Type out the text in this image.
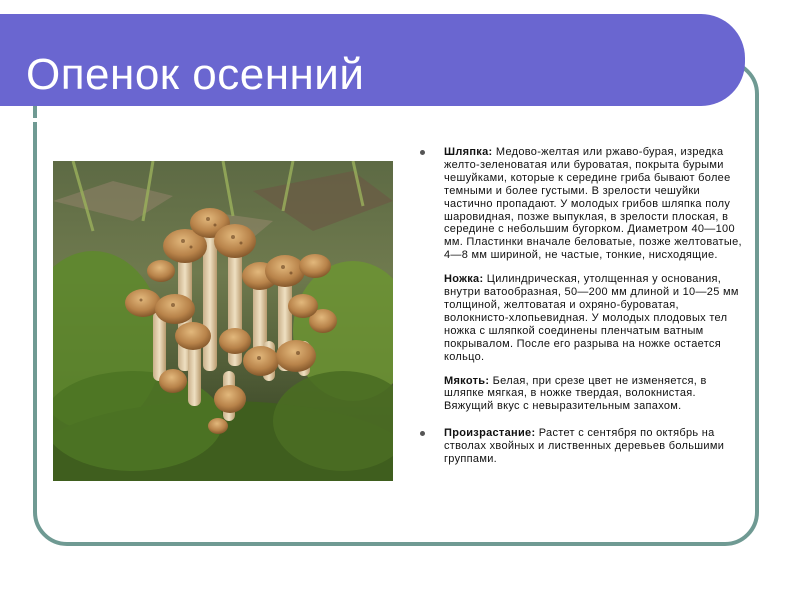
Опенок осенний
Шляпка: Медово-желтая или ржаво-бурая, изредка желто-зеленоватая или буроватая, покрыта бурыми чешуйками, которые к середине гриба бывают более темными и более густыми. В зрелости чешуйки частично пропадают. У молодых грибов шляпка полу шаровидная, позже выпуклая, в зрелости плоская, в середине с небольшим бугорком. Диаметром 40—100 мм. Пластинки вначале беловатые, позже желтоватые, 4—8 мм шириной, не частые, тонкие, нисходящие.
Ножка: Цилиндрическая, утолщенная у основания, внутри ватообразная, 50—200 мм длиной и 10—25 мм толщиной, желтоватая и охряно-буроватая, волокнисто-хлопьевидная. У молодых плодовых тел ножка с шляпкой соединены пленчатым ватным покрывалом. После его разрыва на ножке остается кольцо.
Мякоть: Белая, при срезе цвет не изменяется, в шляпке мягкая, в ножке твердая, волокнистая. Вяжущий вкус с невыразительным запахом.
Произрастание: Растет с сентября по октябрь на стволах хвойных и лиственных деревьев большими группами.
